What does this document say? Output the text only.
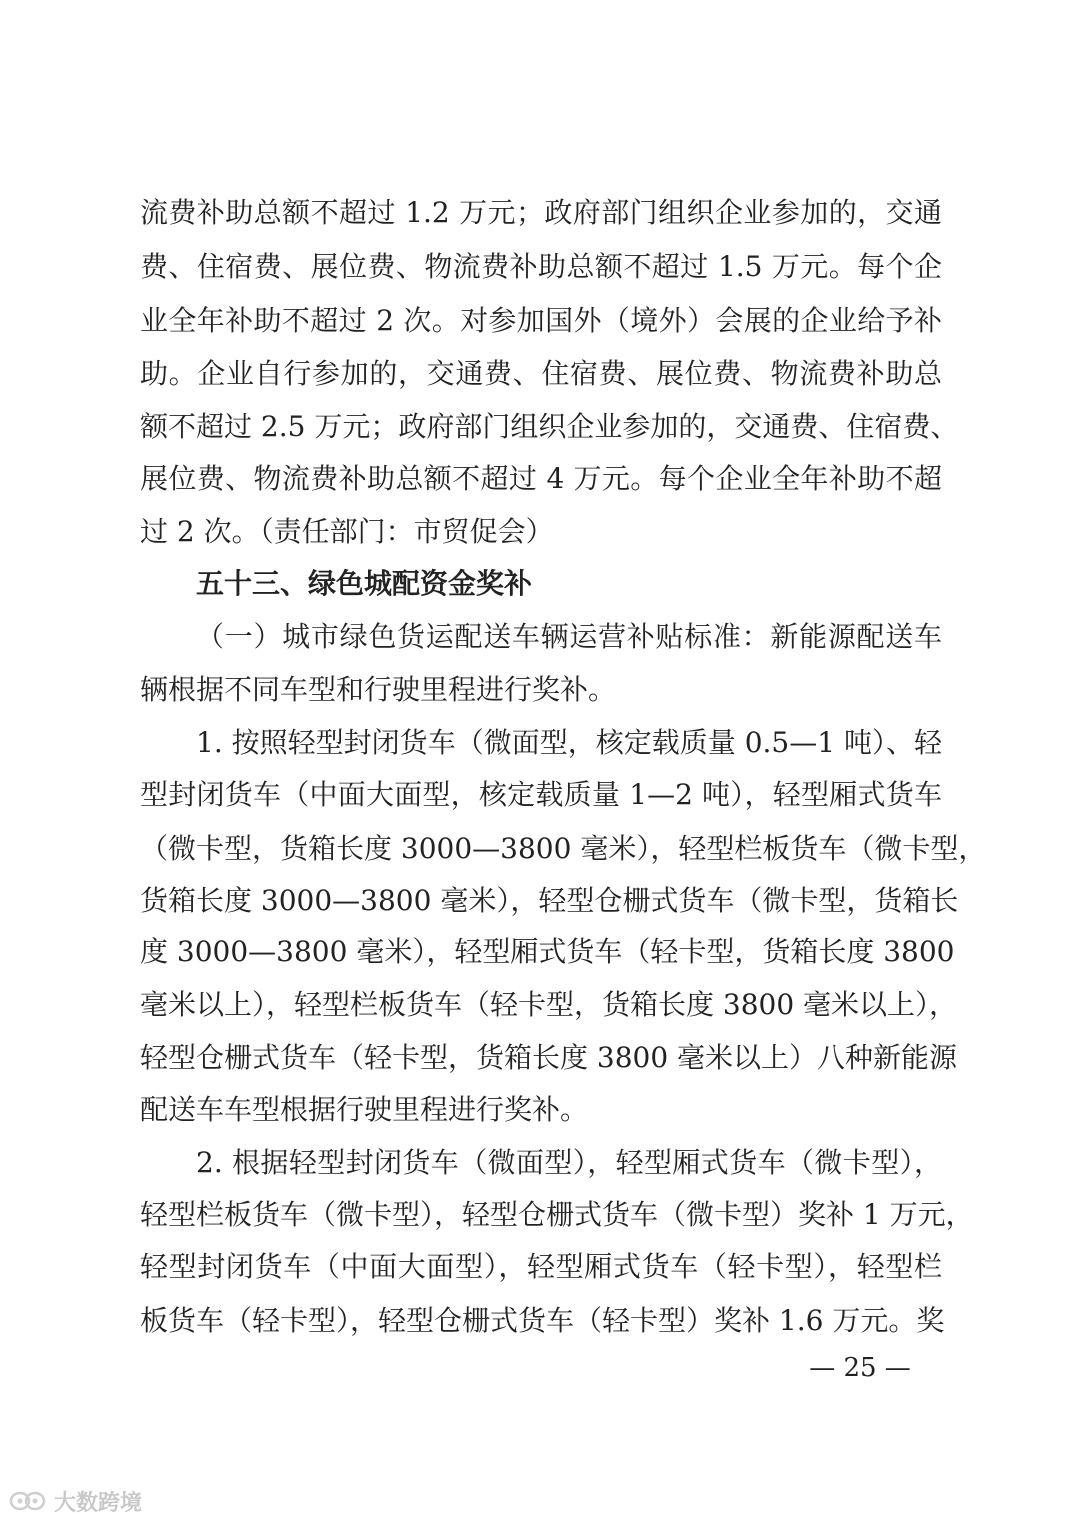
流费补助总额不超过 1.2 万元；政府部门组织企业参加的，交通
费、住宿费、展位费、物流费补助总额不超过 1.5 万元。每个企
业全年补助不超过 2 次。对参加国外（境外）会展的企业给予补
助。企业自行参加的，交通费、住宿费、展位费、物流费补助总
额不超过 2.5 万元；政府部门组织企业参加的，交通费、住宿费、
展位费、物流费补助总额不超过 4 万元。每个企业全年补助不超
过 2 次。（责任部门：市贸促会）
五十三、绿色城配资金奖补
（一）城市绿色货运配送车辆运营补贴标准：新能源配送车
辆根据不同车型和行驶里程进行奖补。
1. 按照轻型封闭货车（微面型，核定载质量 0.5—1 吨）、轻
型封闭货车（中面大面型，核定载质量 1—2 吨），轻型厢式货车
（微卡型，货箱长度 3000—3800 毫米），轻型栏板货车（微卡型，
货箱长度 3000—3800 毫米），轻型仓栅式货车（微卡型，货箱长
度 3000—3800 毫米），轻型厢式货车（轻卡型，货箱长度 3800
毫米以上），轻型栏板货车（轻卡型，货箱长度 3800 毫米以上），
轻型仓栅式货车（轻卡型，货箱长度 3800 毫米以上）八种新能源
配送车车型根据行驶里程进行奖补。
2. 根据轻型封闭货车（微面型），轻型厢式货车（微卡型），
轻型栏板货车（微卡型），轻型仓栅式货车（微卡型）奖补 1 万元，
轻型封闭货车（中面大面型），轻型厢式货车（轻卡型），轻型栏
板货车（轻卡型），轻型仓栅式货车（轻卡型）奖补 1.6 万元。奖
— 25 —
大数跨境
